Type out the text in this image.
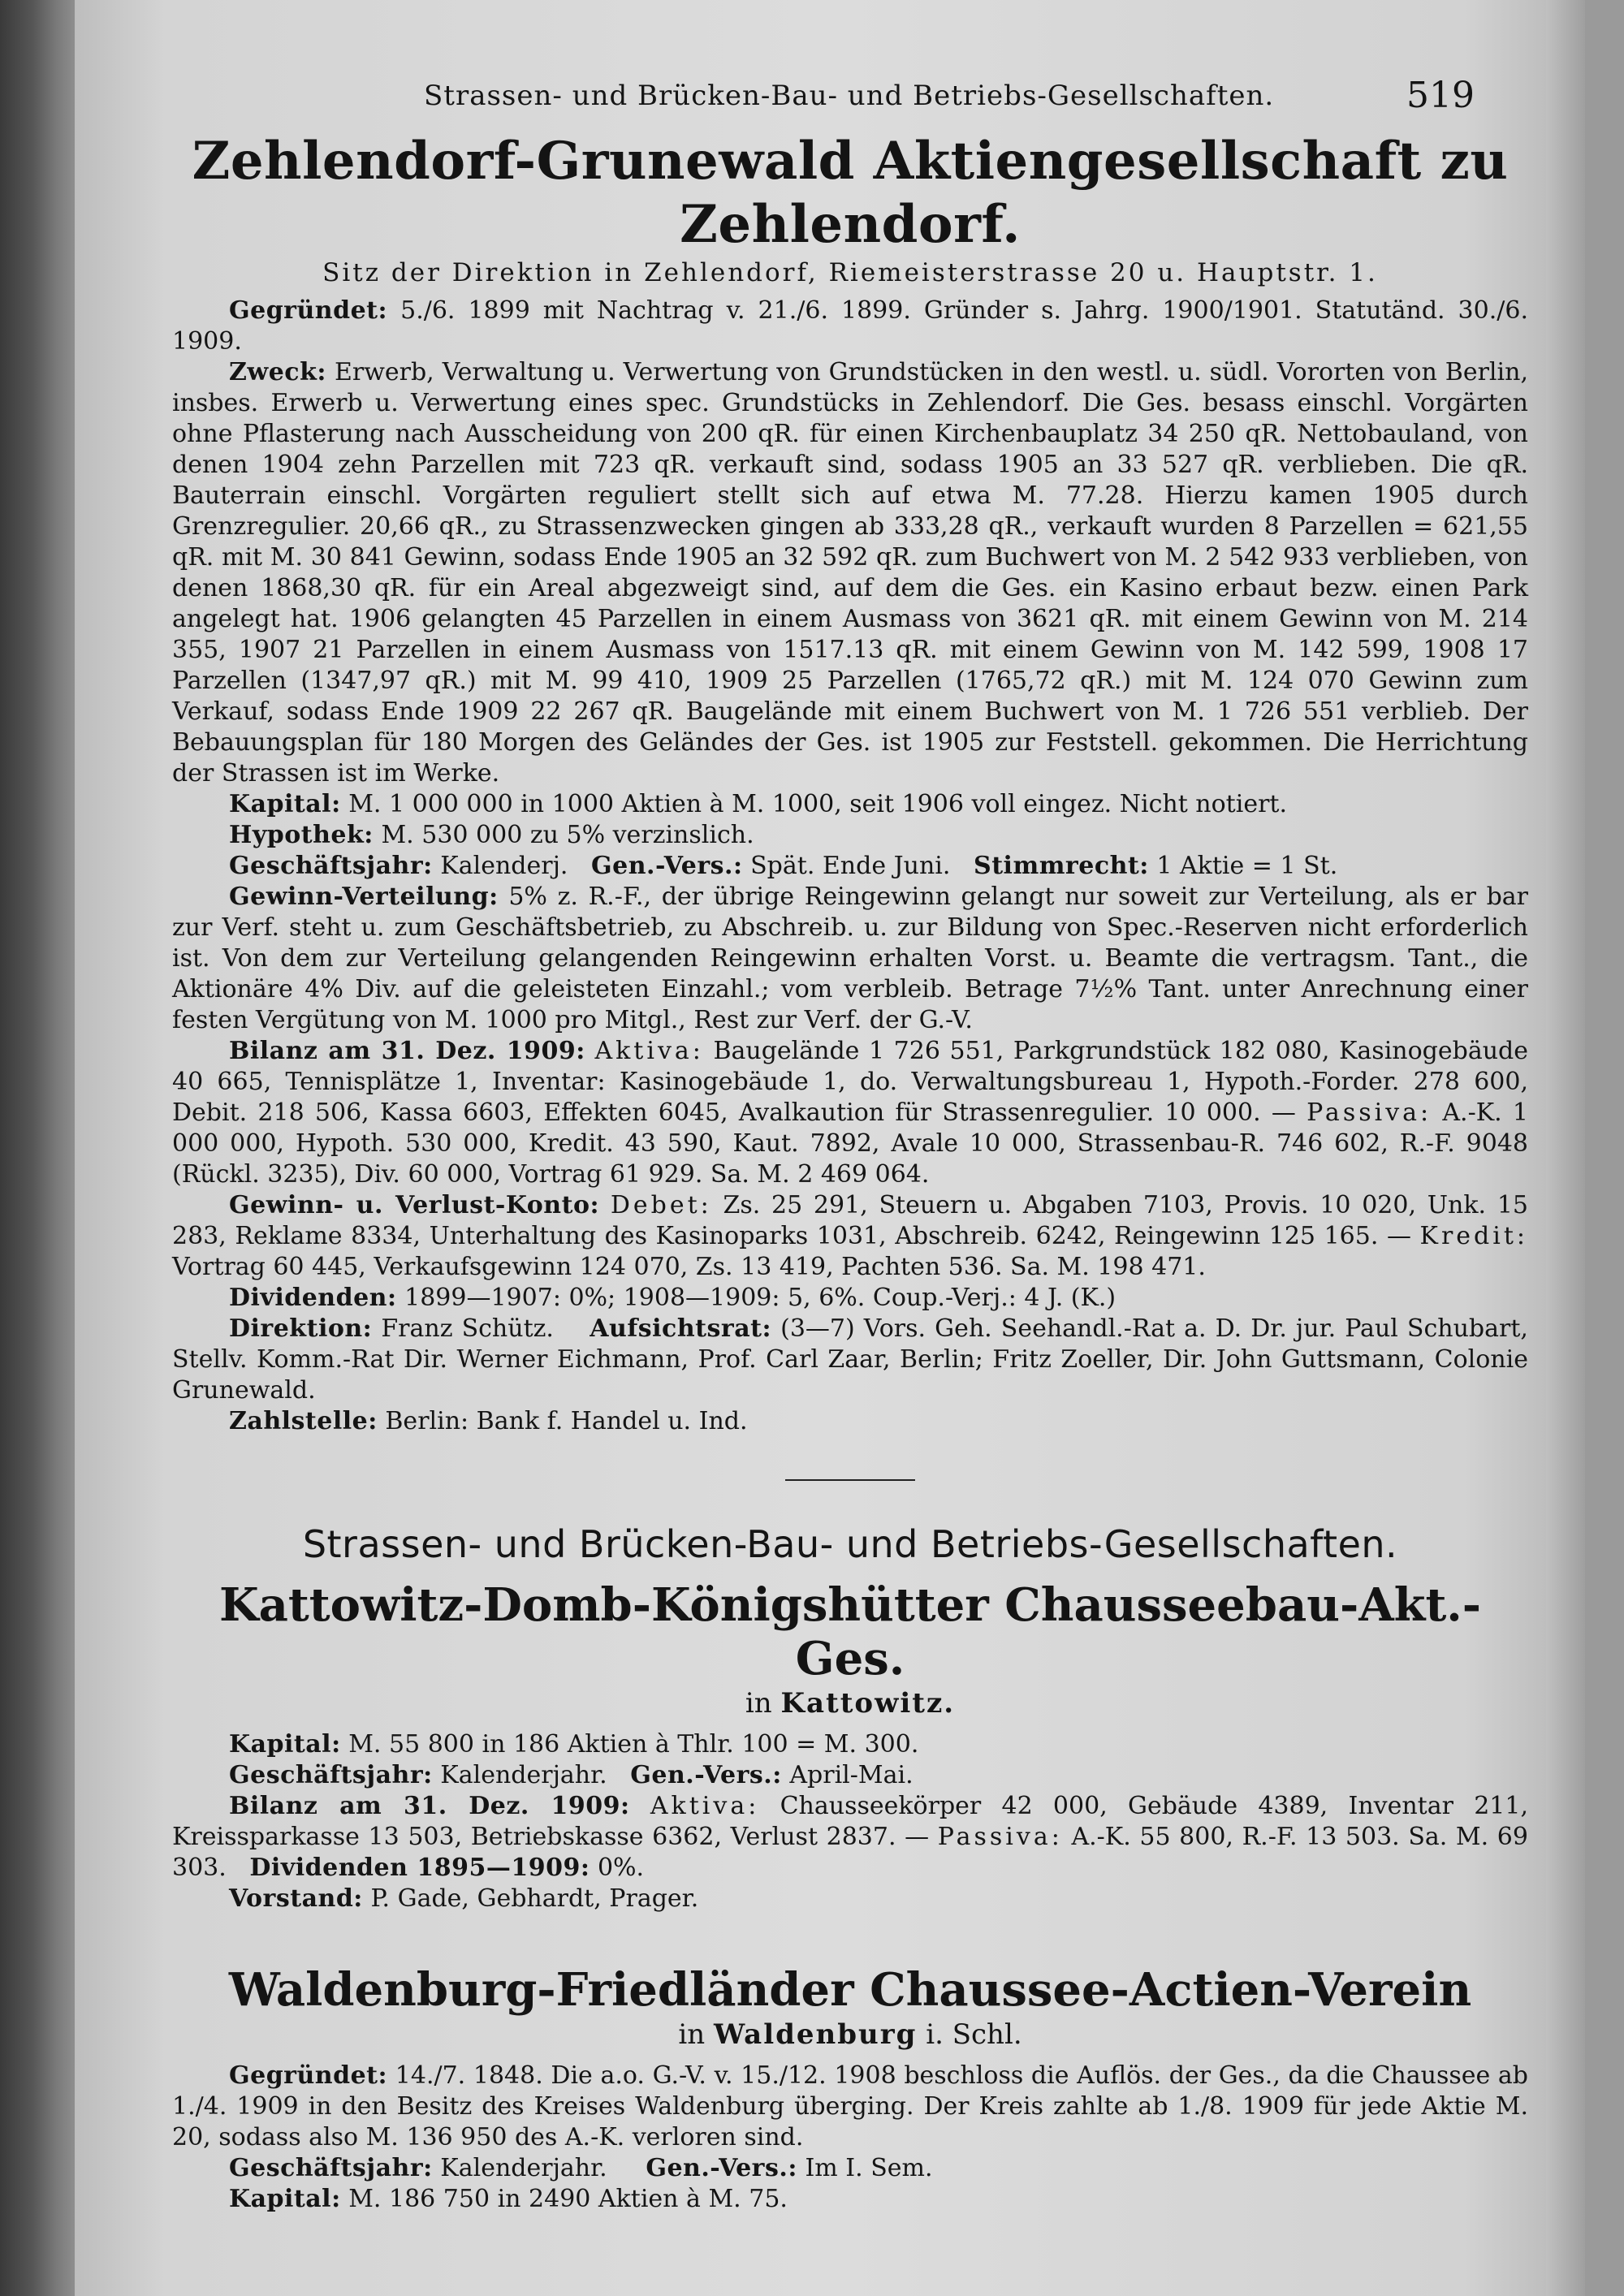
Strassen- und Brücken-Bau- und Betriebs-Gesellschaften.	519
Zehlendorf-Grunewald Aktiengesellschaft zu Zehlendorf.
Sitz der Direktion in Zehlendorf, Riemeisterstrasse 20 u. Hauptstr. 1.

Gegründet: 5./6. 1899 mit Nachtrag v. 21./6. 1899. Gründer s. Jahrg. 1900/1901. Statutänd. 30./6. 1909.

Zweck: Erwerb, Verwaltung u. Verwertung von Grundstücken in den westl. u. südl. Vororten von Berlin, insbes. Erwerb u. Verwertung eines spec. Grundstücks in Zehlendorf. Die Ges. besass einschl. Vorgärten ohne Pflasterung nach Ausscheidung von 200 qR. für einen Kirchenbauplatz 34 250 qR. Nettobauland, von denen 1904 zehn Parzellen mit 723 qR. verkauft sind, sodass 1905 an 33 527 qR. verblieben. Die qR. Bauterrain einschl. Vorgärten reguliert stellt sich auf etwa M. 77.28. Hierzu kamen 1905 durch Grenzregulier. 20,66 qR., zu Strassenzwecken gingen ab 333,28 qR., verkauft wurden 8 Parzellen = 621,55 qR. mit M. 30 841 Gewinn, sodass Ende 1905 an 32 592 qR. zum Buchwert von M. 2 542 933 verblieben, von denen 1868,30 qR. für ein Areal abgezweigt sind, auf dem die Ges. ein Kasino erbaut bezw. einen Park angelegt hat. 1906 gelangten 45 Parzellen in einem Ausmass von 3621 qR. mit einem Gewinn von M. 214 355, 1907 21 Parzellen in einem Ausmass von 1517.13 qR. mit einem Gewinn von M. 142 599, 1908 17 Parzellen (1347,97 qR.) mit M. 99 410, 1909 25 Parzellen (1765,72 qR.) mit M. 124 070 Gewinn zum Verkauf, sodass Ende 1909 22 267 qR. Baugelände mit einem Buchwert von M. 1 726 551 verblieb. Der Bebauungsplan für 180 Morgen des Geländes der Ges. ist 1905 zur Feststell. gekommen. Die Herrichtung der Strassen ist im Werke.

Kapital: M. 1 000 000 in 1000 Aktien à M. 1000, seit 1906 voll eingez. Nicht notiert.

Hypothek: M. 530 000 zu 5% verzinslich.

Geschäftsjahr: Kalenderj. Gen.-Vers.: Spät. Ende Juni. Stimmrecht: 1 Aktie = 1 St.

Gewinn-Verteilung: 5% z. R.-F., der übrige Reingewinn gelangt nur soweit zur Verteilung, als er bar zur Verf. steht u. zum Geschäftsbetrieb, zu Abschreib. u. zur Bildung von Spec.-Reserven nicht erforderlich ist. Von dem zur Verteilung gelangenden Reingewinn erhalten Vorst. u. Beamte die vertragsm. Tant., die Aktionäre 4% Div. auf die geleisteten Einzahl.; vom verbleib. Betrage 7½% Tant. unter Anrechnung einer festen Vergütung von M. 1000 pro Mitgl., Rest zur Verf. der G.-V.

Bilanz am 31. Dez. 1909: Aktiva: Baugelände 1 726 551, Parkgrundstück 182 080, Kasinogebäude 40 665, Tennisplätze 1, Inventar: Kasinogebäude 1, do. Verwaltungsbureau 1, Hypoth.-Forder. 278 600, Debit. 218 506, Kassa 6603, Effekten 6045, Avalkaution für Strassenregulier. 10 000. — Passiva: A.-K. 1 000 000, Hypoth. 530 000, Kredit. 43 590, Kaut. 7892, Avale 10 000, Strassenbau-R. 746 602, R.-F. 9048 (Rückl. 3235), Div. 60 000, Vortrag 61 929. Sa. M. 2 469 064.

Gewinn- u. Verlust-Konto: Debet: Zs. 25 291, Steuern u. Abgaben 7103, Provis. 10 020, Unk. 15 283, Reklame 8334, Unterhaltung des Kasinoparks 1031, Abschreib. 6242, Reingewinn 125 165. — Kredit: Vortrag 60 445, Verkaufsgewinn 124 070, Zs. 13 419, Pachten 536. Sa. M. 198 471.

Dividenden: 1899—1907: 0%; 1908—1909: 5, 6%. Coup.-Verj.: 4 J. (K.)

Direktion: Franz Schütz. Aufsichtsrat: (3—7) Vors. Geh. Seehandl.-Rat a. D. Dr. jur. Paul Schubart, Stellv. Komm.-Rat Dir. Werner Eichmann, Prof. Carl Zaar, Berlin; Fritz Zoeller, Dir. John Guttsmann, Colonie Grunewald.

Zahlstelle: Berlin: Bank f. Handel u. Ind.

Strassen- und Brücken-Bau- und Betriebs-Gesellschaften.
Kattowitz-Domb-Königshütter Chausseebau-Akt.-Ges.
in Kattowitz.

Kapital: M. 55 800 in 186 Aktien à Thlr. 100 = M. 300.

Geschäftsjahr: Kalenderjahr. Gen.-Vers.: April-Mai.

Bilanz am 31. Dez. 1909: Aktiva: Chausseekörper 42 000, Gebäude 4389, Inventar 211, Kreissparkasse 13 503, Betriebskasse 6362, Verlust 2837. — Passiva: A.-K. 55 800, R.-F. 13 503. Sa. M. 69 303. Dividenden 1895—1909: 0%.

Vorstand: P. Gade, Gebhardt, Prager.

Waldenburg-Friedländer Chaussee-Actien-Verein
in Waldenburg i. Schl.

Gegründet: 14./7. 1848. Die a.o. G.-V. v. 15./12. 1908 beschloss die Auflös. der Ges., da die Chaussee ab 1./4. 1909 in den Besitz des Kreises Waldenburg überging. Der Kreis zahlte ab 1./8. 1909 für jede Aktie M. 20, sodass also M. 136 950 des A.-K. verloren sind.

Geschäftsjahr: Kalenderjahr. Gen.-Vers.: Im I. Sem.

Kapital: M. 186 750 in 2490 Aktien à M. 75.
